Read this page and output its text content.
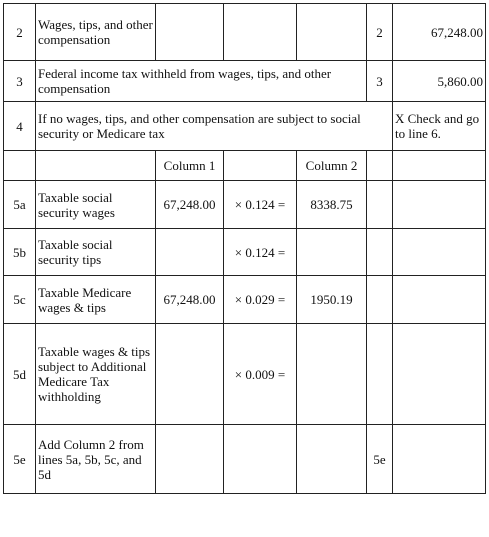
2	Wages, tips, and other compensation				2	67,248.00
3	Federal income tax withheld from wages, tips, and other compensation				3	5,860.00
4	If no wages, tips, and other compensation are subject to social security or Medicare tax					X Check and go to line 6.
		Column 1		Column 2		
5a	Taxable social security wages	67,248.00	× 0.124 =	8338.75		
5b	Taxable social security tips		× 0.124 =			
5c	Taxable Medicare wages & tips	67,248.00	× 0.029 =	1950.19		
5d	Taxable wages & tips subject to Additional Medicare Tax withholding		× 0.009 =			
5e	Add Column 2 from lines 5a, 5b, 5c, and 5d				5e	
